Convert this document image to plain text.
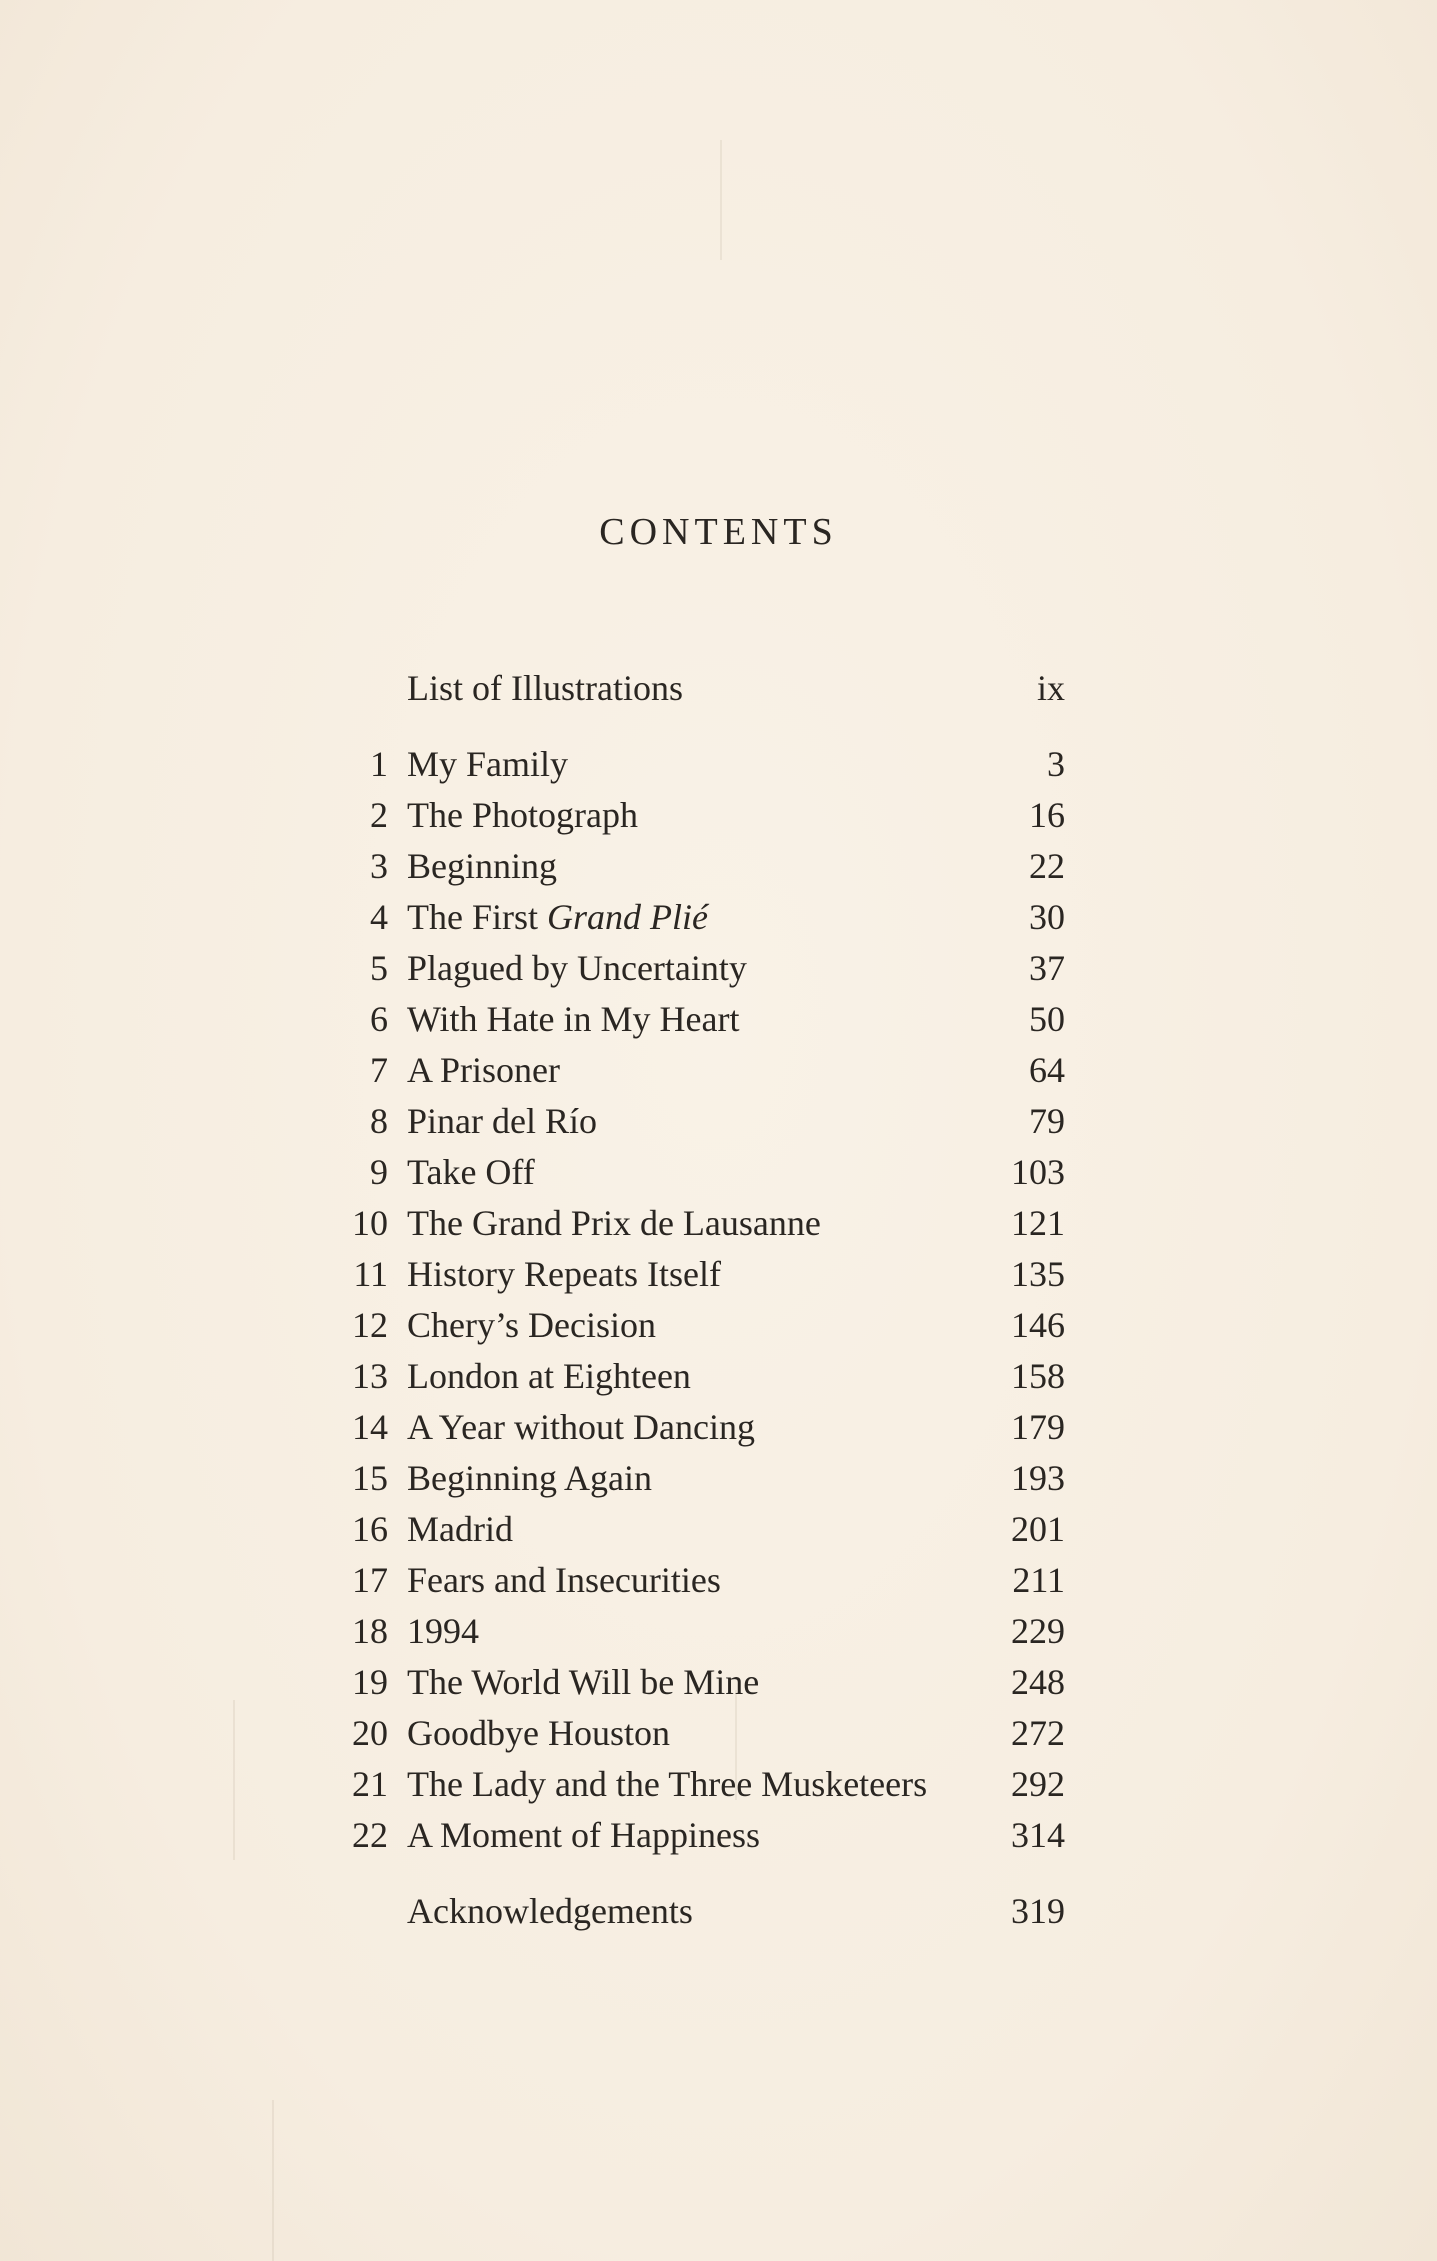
CONTENTS
List of Illustrations	ix
1 My Family	3
2 The Photograph	16
3 Beginning	22
4 The First Grand Plié	30
5 Plagued by Uncertainty	37
6 With Hate in My Heart	50
7 A Prisoner	64
8 Pinar del Río	79
9 Take Off	103
10 The Grand Prix de Lausanne	121
11 History Repeats Itself	135
12 Chery’s Decision	146
13 London at Eighteen	158
14 A Year without Dancing	179
15 Beginning Again	193
16 Madrid	201
17 Fears and Insecurities	211
18 1994	229
19 The World Will be Mine	248
20 Goodbye Houston	272
21 The Lady and the Three Musketeers 292
22 A Moment of Happiness	314
Acknowledgements	319
